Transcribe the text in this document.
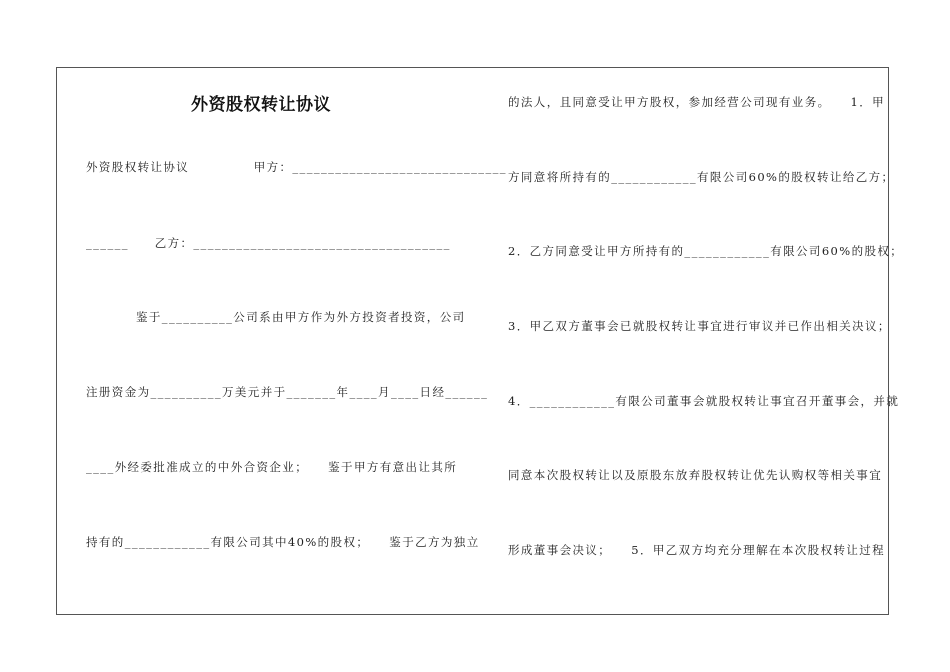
外资股权转让协议
外资股权转让协议　　　　　甲方：______________________________
______　　乙方：____________________________________
鉴于__________公司系由甲方作为外方投资者投资，公司
注册资金为__________万美元并于_______年____月____日经______
____外经委批准成立的中外合资企业；　　鉴于甲方有意出让其所
持有的____________有限公司其中40%的股权；　　鉴于乙方为独立
的法人，且同意受让甲方股权，参加经营公司现有业务。　　1．甲
方同意将所持有的____________有限公司60%的股权转让给乙方；
2．乙方同意受让甲方所持有的____________有限公司60%的股权；
3．甲乙双方董事会已就股权转让事宜进行审议并已作出相关决议；
4．____________有限公司董事会就股权转让事宜召开董事会，并就
同意本次股权转让以及原股东放弃股权转让优先认购权等相关事宜
形成董事会决议；　　5．甲乙双方均充分理解在本次股权转让过程
